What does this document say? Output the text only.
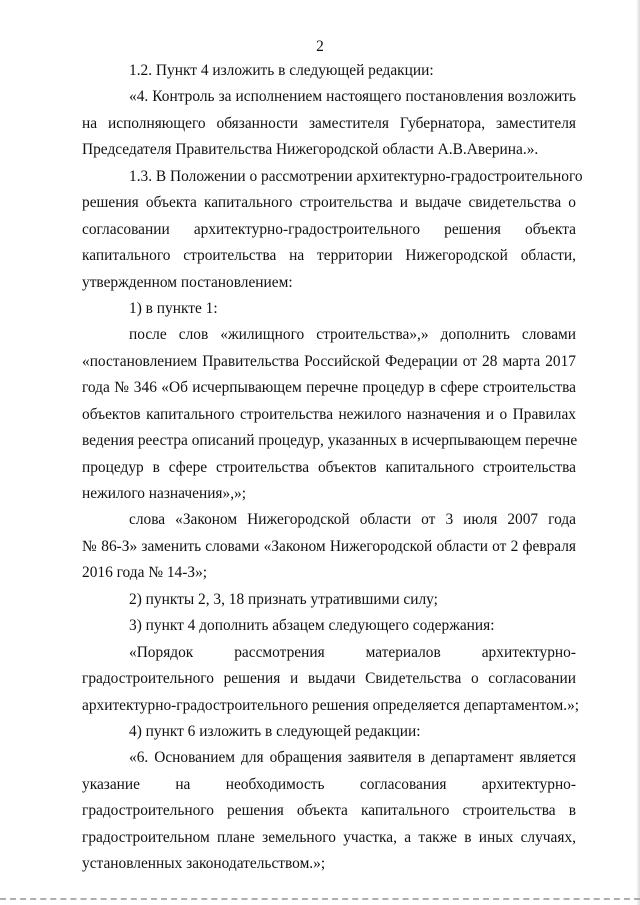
2
1.2. Пункт 4 изложить в следующей редакции:
«4. Контроль за исполнением настоящего постановления возложить
на исполняющего обязанности заместителя Губернатора, заместителя
Председателя Правительства Нижегородской области А.В.Аверина.».
1.3. В Положении о рассмотрении архитектурно-градостроительного
решения объекта капитального строительства и выдаче свидетельства о
согласовании архитектурно-градостроительного решения объекта
капитального строительства на территории Нижегородской области,
утвержденном постановлением:
1) в пункте 1:
после слов «жилищного строительства»,» дополнить словами
«постановлением Правительства Российской Федерации от 28 марта 2017
года № 346 «Об исчерпывающем перечне процедур в сфере строительства
объектов капитального строительства нежилого назначения и о Правилах
ведения реестра описаний процедур, указанных в исчерпывающем перечне
процедур в сфере строительства объектов капитального строительства
нежилого назначения»,»;
слова «Законом Нижегородской области от 3 июля 2007 года
№ 86-З» заменить словами «Законом Нижегородской области от 2 февраля
2016 года № 14-З»;
2) пункты 2, 3, 18 признать утратившими силу;
3) пункт 4 дополнить абзацем следующего содержания:
«Порядок рассмотрения материалов архитектурно-
градостроительного решения и выдачи Свидетельства о согласовании
архитектурно-градостроительного решения определяется департаментом.»;
4) пункт 6 изложить в следующей редакции:
«6. Основанием для обращения заявителя в департамент является
указание на необходимость согласования архитектурно-
градостроительного решения объекта капитального строительства в
градостроительном плане земельного участка, а также в иных случаях,
установленных законодательством.»;
